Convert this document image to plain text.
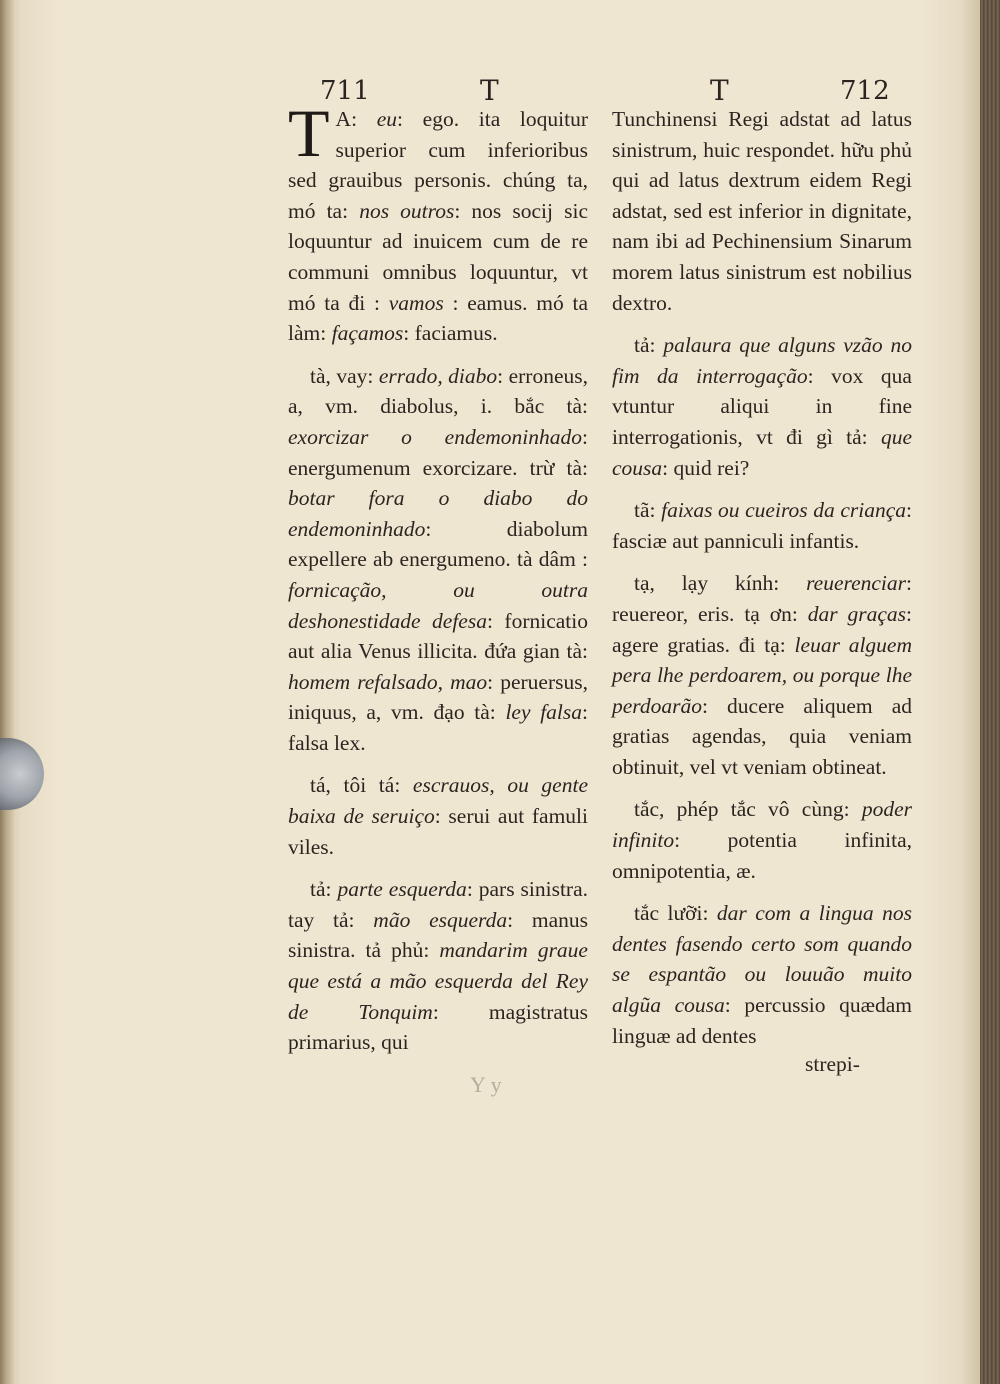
711	T	T	712

T A: eu: ego. ita loquitur superior cum inferioribus sed grauibus personis. chúng ta, mó ta: nos outros: nos socij sic loquuntur ad inuicem cum de re communi omnibus loquuntur, vt mó ta đi : vamos : eamus. mó ta làm: façamos: faciamus.

tà, vay: errado, diabo: erroneus, a, vm. diabolus, i. bắc tà: exorcizar o endemoninhado: energumenum exorcizare. trừ tà: botar fora o diabo do endemoninhado: diabolum expellere ab energumeno. tà dâm : fornicação, ou outra deshonestidade defesa: fornicatio aut alia Venus illicita. đứa gian tà: homem refalsado, mao: peruersus, iniquus, a, vm. đạo tà: ley falsa: falsa lex.

tá, tôi tá: escrauos, ou gente baixa de seruiço: serui aut famuli viles.

tả: parte esquerda: pars sinistra. tay tả: mão esquerda: manus sinistra. tả phủ: mandarim graue que está a mão esquerda del Rey de Tonquim: magistratus primarius, qui

Tunchinensi Regi adstat ad latus sinistrum, huic respondet. hữu phủ qui ad latus dextrum eidem Regi adstat, sed est inferior in dignitate, nam ibi ad Pechinensium Sinarum morem latus sinistrum est nobilius dextro.

tả: palaura que alguns vzão no fim da interrogação: vox qua vtuntur aliqui in fine interrogationis, vt đi gì tả: que cousa: quid rei?

tã: faixas ou cueiros da criança: fasciæ aut panniculi infantis.

tạ, lạy kính: reuerenciar: reuereor, eris. tạ ơn: dar graças: agere gratias. đi tạ: leuar alguem pera lhe perdoarem, ou porque lhe perdoarão: ducere aliquem ad gratias agendas, quia veniam obtinuit, vel vt veniam obtineat.

tắc, phép tắc vô cùng: poder infinito: potentia infinita, omnipotentia, æ.

tắc lưỡi: dar com a lingua nos dentes fasendo certo som quando se espantão ou louuão muito algũa cousa: percussio quædam linguæ ad dentes

strepi-
Y y
